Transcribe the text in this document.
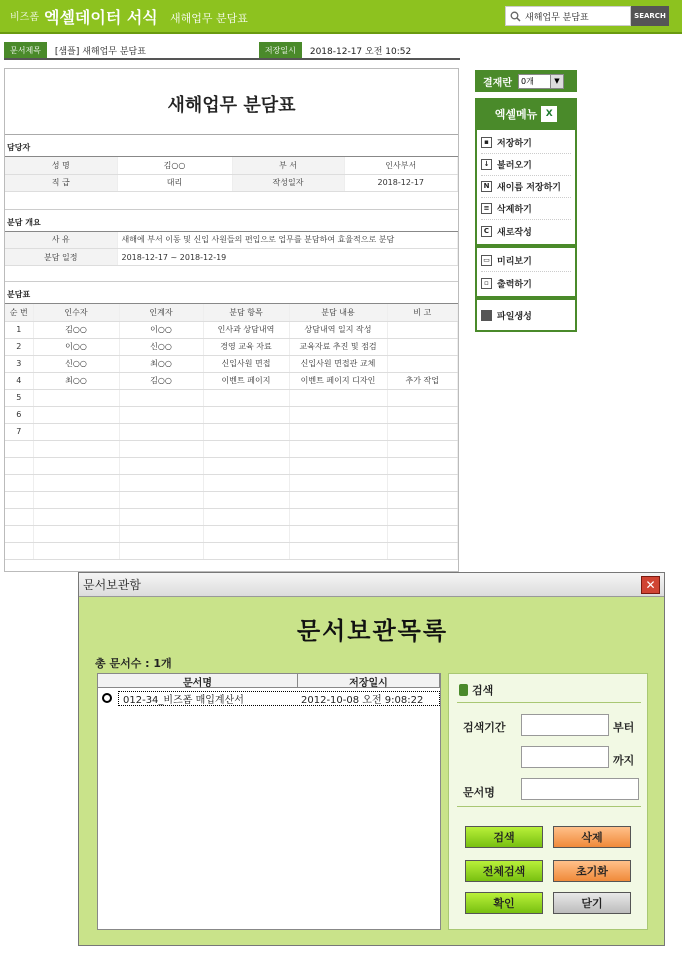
비즈폼 엑셀데이터 서식 새해업무 분담표	새해업무 분담표	SEARCH
문서제목	[샘플] 새해업무 분담표	저장일시	2018-12-17 오전 10:52
새해업무 분담표
담당자
성 명	김○○	부 서	인사부서
직 급	대리	작성일자	2018-12-17
분담 개요
사 유	새해에 부서 이동 및 신입 사원들의 편입으로 업무를 분담하여 효율적으로 분담
분담 일정	2018-12-17 ~ 2018-12-19
분담표
순 번	인수자	인계자	분담 항목	분담 내용	비 고
1	김○○	이○○	인사과 상담내역	상담내역 일지 작성	
2	이○○	신○○	경영 교육 자료	교육자료 추진 및 점검	
3	신○○	최○○	신입사원 면접	신입사원 면접관 교체	
4	최○○	김○○	이벤트 페이지	이벤트 페이지 디자인	추가 작업
5					
6					
7					

결재란 0개	▼
엑셀메뉴 X
▪ 저장하기
↓ 불러오기
N 새이름 저장하기
≡ 삭제하기
C 새로작성
▭ 미리보기
▫ 출력하기
파일생성
문서보관함	✕
문서보관목록
총 문서수 : 1개
문서명	저장일시
012-34_비즈폼 매입계산서	2012-10-08 오전 9:08:22
검색
검색기간	부터
까지
문서명
검색	삭제
전체검색	초기화
확인	닫기
